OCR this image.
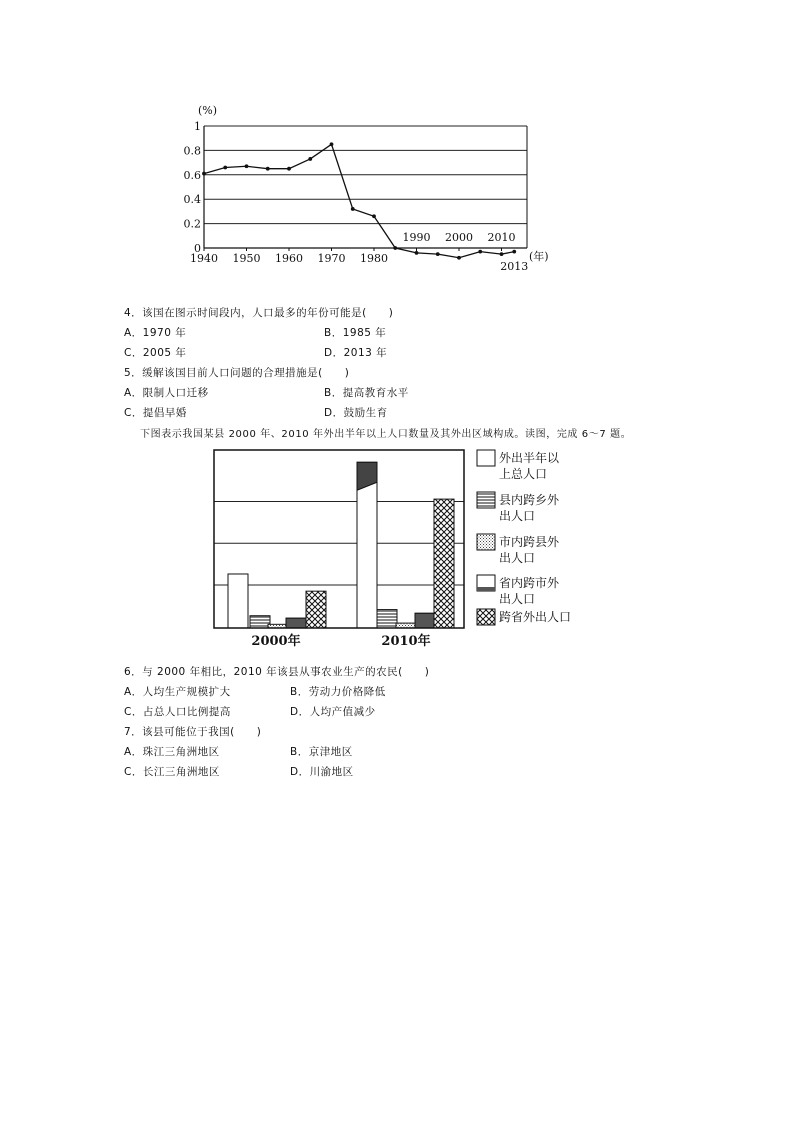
1
0.8
0.6
0.4
0.2
0
1940 1950 1960 1970 1980
1990 2000 2010
2013
(%)
(年)
4．该国在图示时间段内，人口最多的年份可能是(　　)
A．1970 年	B．1985 年
C．2005 年	D．2013 年
5．缓解该国目前人口问题的合理措施是(　　)
A．限制人口迁移	B．提高教育水平
C．提倡早婚	D．鼓励生育
下图表示我国某县 2000 年、2010 年外出半年以上人口数量及其外出区域构成。读图，完成 6～7 题。
外出半年以
上总人口
县内跨乡外
出人口
市内跨县外
出人口
省内跨市外
出人口
跨省外出人口
2000年	2010年
6．与 2000 年相比，2010 年该县从事农业生产的农民(　　)
A．人均生产规模扩大	B．劳动力价格降低
C．占总人口比例提高	D．人均产值减少
7．该县可能位于我国(　　)
A．珠江三角洲地区	B．京津地区
C．长江三角洲地区	D．川渝地区
